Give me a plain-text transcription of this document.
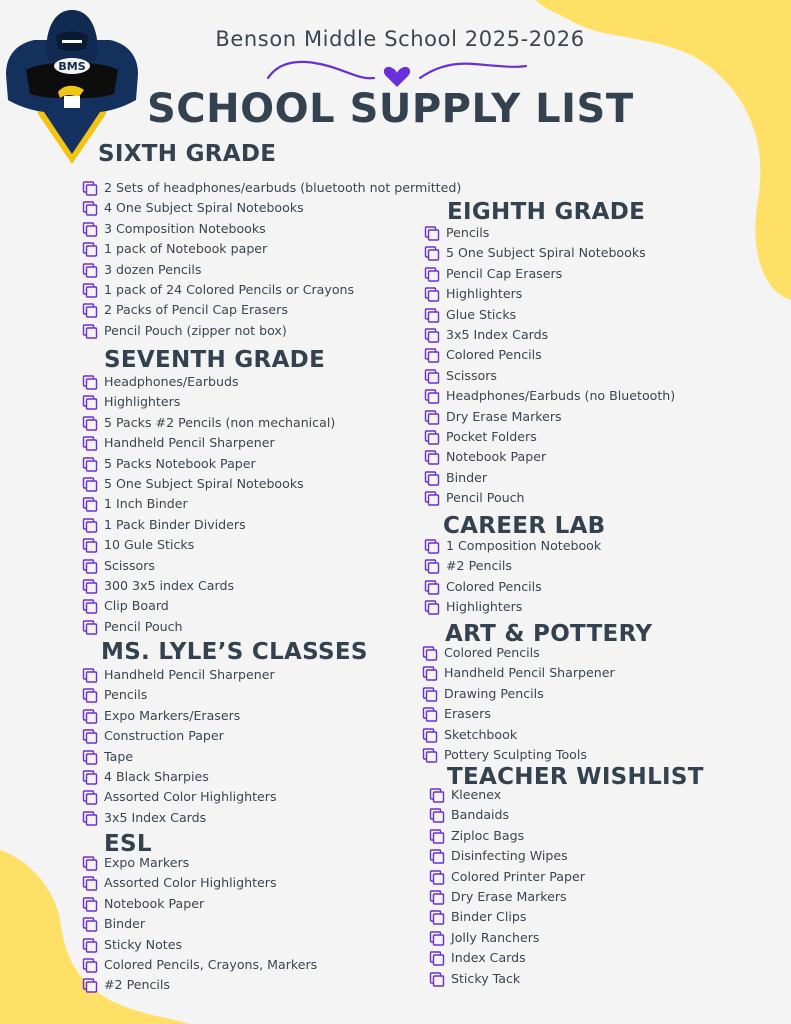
BMS
Benson Middle School 2025-2026
SCHOOL SUPPLY LIST
SIXTH GRADE
SEVENTH GRADE
MS. LYLE’S CLASSES
ESL
EIGHTH GRADE
CAREER LAB
ART & POTTERY
TEACHER WISHLIST
2 Sets of headphones/earbuds (bluetooth not permitted)
4 One Subject Spiral Notebooks
3 Composition Notebooks
1 pack of Notebook paper
3 dozen Pencils
1 pack of 24 Colored Pencils or Crayons
2 Packs of Pencil Cap Erasers
Pencil Pouch (zipper not box)
Headphones/Earbuds
Highlighters
5 Packs #2 Pencils (non mechanical)
Handheld Pencil Sharpener
5 Packs Notebook Paper
5 One Subject Spiral Notebooks
1 Inch Binder
1 Pack Binder Dividers
10 Gule Sticks
Scissors
300 3x5 index Cards
Clip Board
Pencil Pouch
Handheld Pencil Sharpener
Pencils
Expo Markers/Erasers
Construction Paper
Tape
4 Black Sharpies
Assorted Color Highlighters
3x5 Index Cards
Expo Markers
Assorted Color Highlighters
Notebook Paper
Binder
Sticky Notes
Colored Pencils, Crayons, Markers
#2 Pencils
Pencils
5 One Subject Spiral Notebooks
Pencil Cap Erasers
Highlighters
Glue Sticks
3x5 Index Cards
Colored Pencils
Scissors
Headphones/Earbuds (no Bluetooth)
Dry Erase Markers
Pocket Folders
Notebook Paper
Binder
Pencil Pouch
1 Composition Notebook
#2 Pencils
Colored Pencils
Highlighters
Colored Pencils
Handheld Pencil Sharpener
Drawing Pencils
Erasers
Sketchbook
Pottery Sculpting Tools
Kleenex
Bandaids
Ziploc Bags
Disinfecting Wipes
Colored Printer Paper
Dry Erase Markers
Binder Clips
Jolly Ranchers
Index Cards
Sticky Tack
